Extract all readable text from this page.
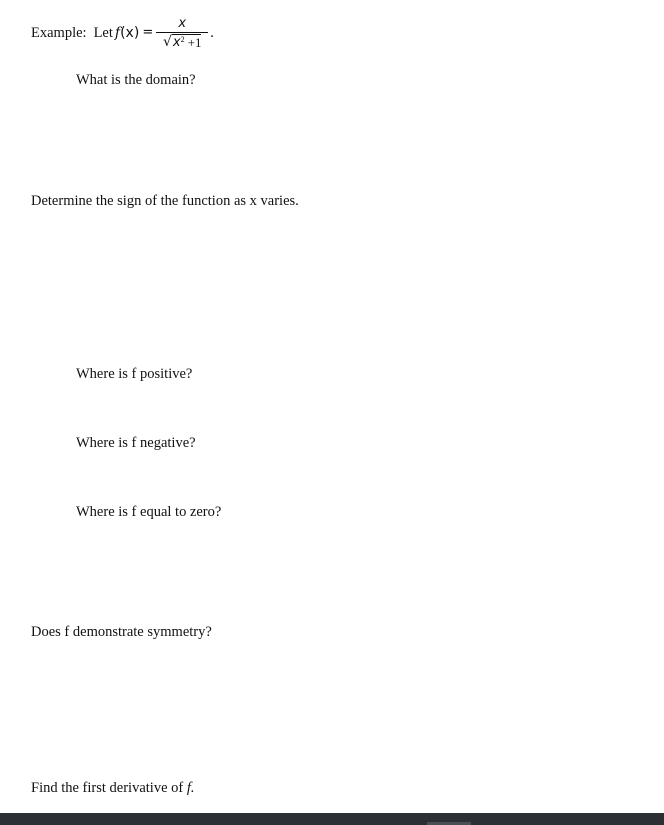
Example: Let $f(x) = \frac{x}{√ x 2 +1}$ .
What is the domain?
Determine the sign of the function as x varies.
Where is f positive?
Where is f negative?
Where is f equal to zero?
Does f demonstrate symmetry?
Find the first derivative of f.
